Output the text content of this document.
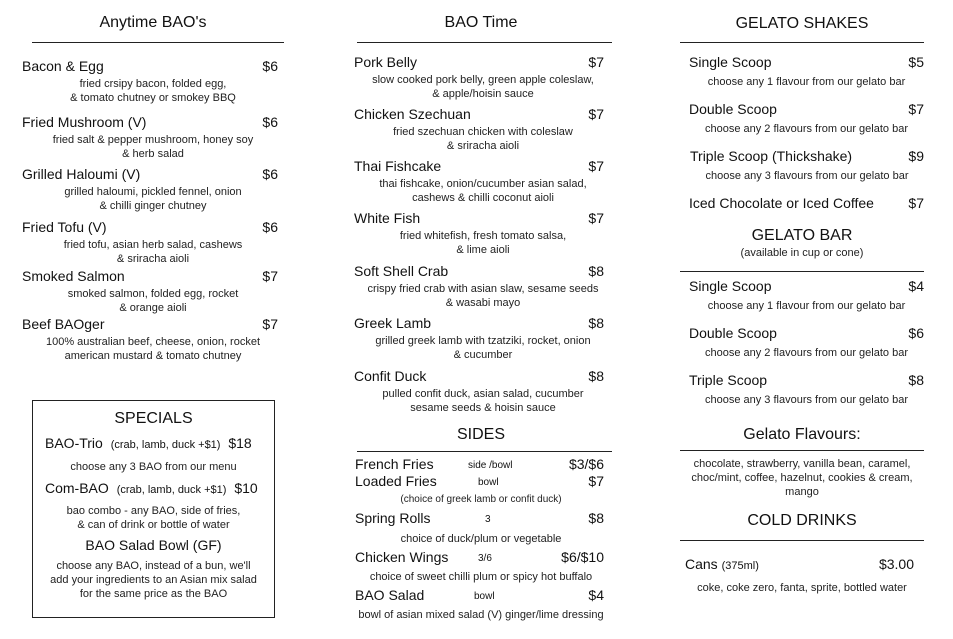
Anytime BAO's
Bacon & Egg	$6
fried crsipy bacon, folded egg,
& tomato chutney or smokey BBQ
Fried Mushroom (V)	$6
fried salt & pepper mushroom, honey soy
& herb salad
Grilled Haloumi (V)	$6
grilled haloumi, pickled fennel, onion
& chilli ginger chutney
Fried Tofu (V)	$6
fried tofu, asian herb salad, cashews
& sriracha aioli
Smoked Salmon	$7
smoked salmon, folded egg, rocket
& orange aioli
Beef BAOger	$7
100% australian beef, cheese, onion, rocket
american mustard & tomato chutney
SPECIALS
BAO-Trio (crab, lamb, duck +$1) $18
choose any 3 BAO from our menu
Com-BAO (crab, lamb, duck +$1) $10
bao combo - any BAO, side of fries,
& can of drink or bottle of water
BAO Salad Bowl (GF)
choose any BAO, instead of a bun, we'll
add your ingredients to an Asian mix salad
for the same price as the BAO
BAO Time
Pork Belly	$7
slow cooked pork belly, green apple coleslaw,
& apple/hoisin sauce
Chicken Szechuan	$7
fried szechuan chicken with coleslaw
& sriracha aioli
Thai Fishcake	$7
thai fishcake, onion/cucumber asian salad,
cashews & chilli coconut aioli
White Fish	$7
fried whitefish, fresh tomato salsa,
& lime aioli
Soft Shell Crab	$8
crispy fried crab with asian slaw, sesame seeds
& wasabi mayo
Greek Lamb	$8
grilled greek lamb with tzatziki, rocket, onion
& cucumber
Confit Duck	$8
pulled confit duck, asian salad, cucumber
sesame seeds & hoisin sauce
SIDES
French Fries	side /bowl	$3/$6
Loaded Fries	bowl	$7
(choice of greek lamb or confit duck)
Spring Rolls	3	$8
choice of duck/plum or vegetable
Chicken Wings	3/6	$6/$10
choice of sweet chilli plum or spicy hot buffalo
BAO Salad	bowl	$4
bowl of asian mixed salad (V) ginger/lime dressing
GELATO SHAKES
Single Scoop	$5
choose any 1 flavour from our gelato bar
Double Scoop	$7
choose any 2 flavours from our gelato bar
Triple Scoop (Thickshake)	$9
choose any 3 flavours from our gelato bar
Iced Chocolate or Iced Coffee $7
GELATO BAR
(available in cup or cone)
Single Scoop	$4
choose any 1 flavour from our gelato bar
Double Scoop	$6
choose any 2 flavours from our gelato bar
Triple Scoop	$8
choose any 3 flavours from our gelato bar
Gelato Flavours:
chocolate, strawberry, vanilla bean, caramel,
choc/mint, coffee, hazelnut, cookies & cream,
mango
COLD DRINKS
Cans (375ml)	$3.00
coke, coke zero, fanta, sprite, bottled water
